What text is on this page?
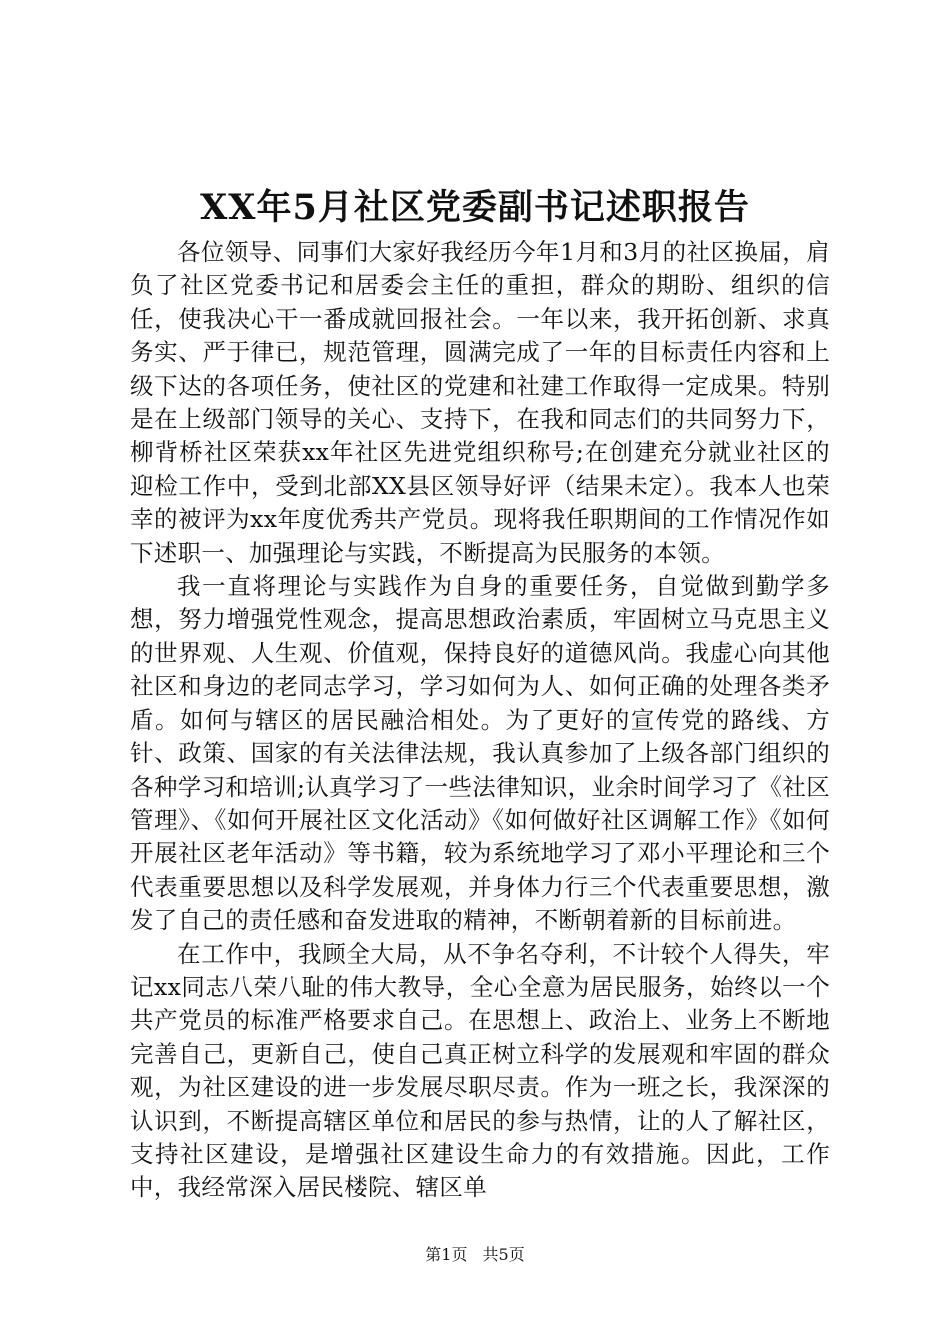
XX年5月社区党委副书记述职报告

各位领导、同事们大家好我经历今年1月和3月的社区换届，肩负了社区党委书记和居委会主任的重担，群众的期盼、组织的信任，使我决心干一番成就回报社会。一年以来，我开拓创新、求真务实、严于律已，规范管理，圆满完成了一年的目标责任内容和上级下达的各项任务，使社区的党建和社建工作取得一定成果。特别是在上级部门领导的关心、支持下，在我和同志们的共同努力下，柳背桥社区荣获xx年社区先进党组织称号;在创建充分就业社区的迎检工作中，受到北部XX县区领导好评（结果未定）。我本人也荣幸的被评为xx年度优秀共产党员。现将我任职期间的工作情况作如下述职一、加强理论与实践，不断提高为民服务的本领。

我一直将理论与实践作为自身的重要任务，自觉做到勤学多想，努力增强党性观念，提高思想政治素质，牢固树立马克思主义的世界观、人生观、价值观，保持良好的道德风尚。我虚心向其他社区和身边的老同志学习，学习如何为人、如何正确的处理各类矛盾。如何与辖区的居民融洽相处。为了更好的宣传党的路线、方针、政策、国家的有关法律法规，我认真参加了上级各部门组织的各种学习和培训;认真学习了一些法律知识，业余时间学习了《社区管理》、《如何开展社区文化活动》《如何做好社区调解工作》《如何开展社区老年活动》等书籍，较为系统地学习了邓小平理论和三个代表重要思想以及科学发展观，并身体力行三个代表重要思想，激发了自己的责任感和奋发进取的精神，不断朝着新的目标前进。

在工作中，我顾全大局，从不争名夺利，不计较个人得失，牢记xx同志八荣八耻的伟大教导，全心全意为居民服务，始终以一个共产党员的标准严格要求自己。在思想上、政治上、业务上不断地完善自己，更新自己，使自己真正树立科学的发展观和牢固的群众观，为社区建设的进一步发展尽职尽责。作为一班之长，我深深的认识到，不断提高辖区单位和居民的参与热情，让的人了解社区，支持社区建设，是增强社区建设生命力的有效措施。因此，工作中，我经常深入居民楼院、辖区单

第1页 共5页
